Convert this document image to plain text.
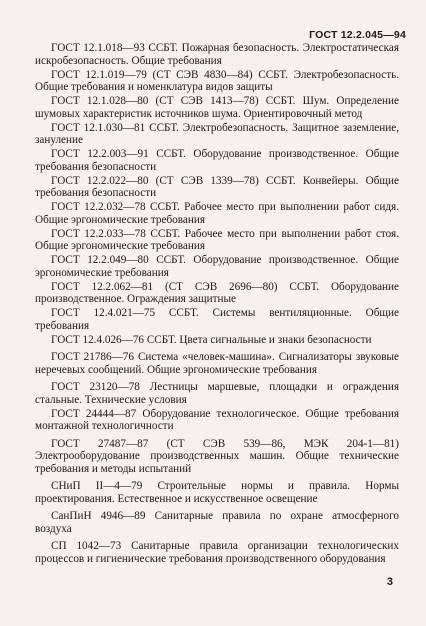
ГОСТ 12.2.045—94

ГОСТ 12.1.018—93 ССБТ. Пожарная безопасность. Электростатическая искробезопасность. Общие требования

ГОСТ 12.1.019—79 (СТ СЭВ 4830—84) ССБТ. Электробезопасность. Общие требования и номенклатура видов защиты

ГОСТ 12.1.028—80 (СТ СЭВ 1413—78) ССБТ. Шум. Определение шумовых характеристик источников шума. Ориентировочный метод

ГОСТ 12.1.030—81 ССБТ. Электробезопасность. Защитное заземление, зануление

ГОСТ 12.2.003—91 ССБТ. Оборудование производственное. Общие требования безопасности

ГОСТ 12.2.022—80 (СТ СЭВ 1339—78) ССБТ. Конвейеры. Общие требования безопасности

ГОСТ 12.2.032—78 ССБТ. Рабочее место при выполнении работ сидя. Общие эргономические требования

ГОСТ 12.2.033—78 ССБТ. Рабочее место при выполнении работ стоя. Общие эргономические требования

ГОСТ 12.2.049—80 ССБТ. Оборудование производственное. Общие эргономические требования

ГОСТ 12.2.062—81 (СТ СЭВ 2696—80) ССБТ. Оборудование производственное. Ограждения защитные

ГОСТ 12.4.021—75 ССБТ. Системы вентиляционные. Общие требования

ГОСТ 12.4.026—76 ССБТ. Цвета сигнальные и знаки безопасности

ГОСТ 21786—76 Система «человек-машина». Сигнализаторы звуковые неречевых сообщений. Общие эргономические требования

ГОСТ 23120—78 Лестницы маршевые, площадки и ограждения стальные. Технические условия

ГОСТ 24444—87 Оборудование технологическое. Общие требования монтажной технологичности

ГОСТ 27487—87 (СТ СЭВ 539—86, МЭК 204-1—81) Электрооборудование производственных машин. Общие технические требования и методы испытаний

СНиП II—4—79 Строительные нормы и правила. Нормы проектирования. Естественное и искусственное освещение

СанПиН 4946—89 Санитарные правила по охране атмосферного воздуха

СП 1042—73 Санитарные правила организации технологических процессов и гигиенические требования производственного оборудования

3
